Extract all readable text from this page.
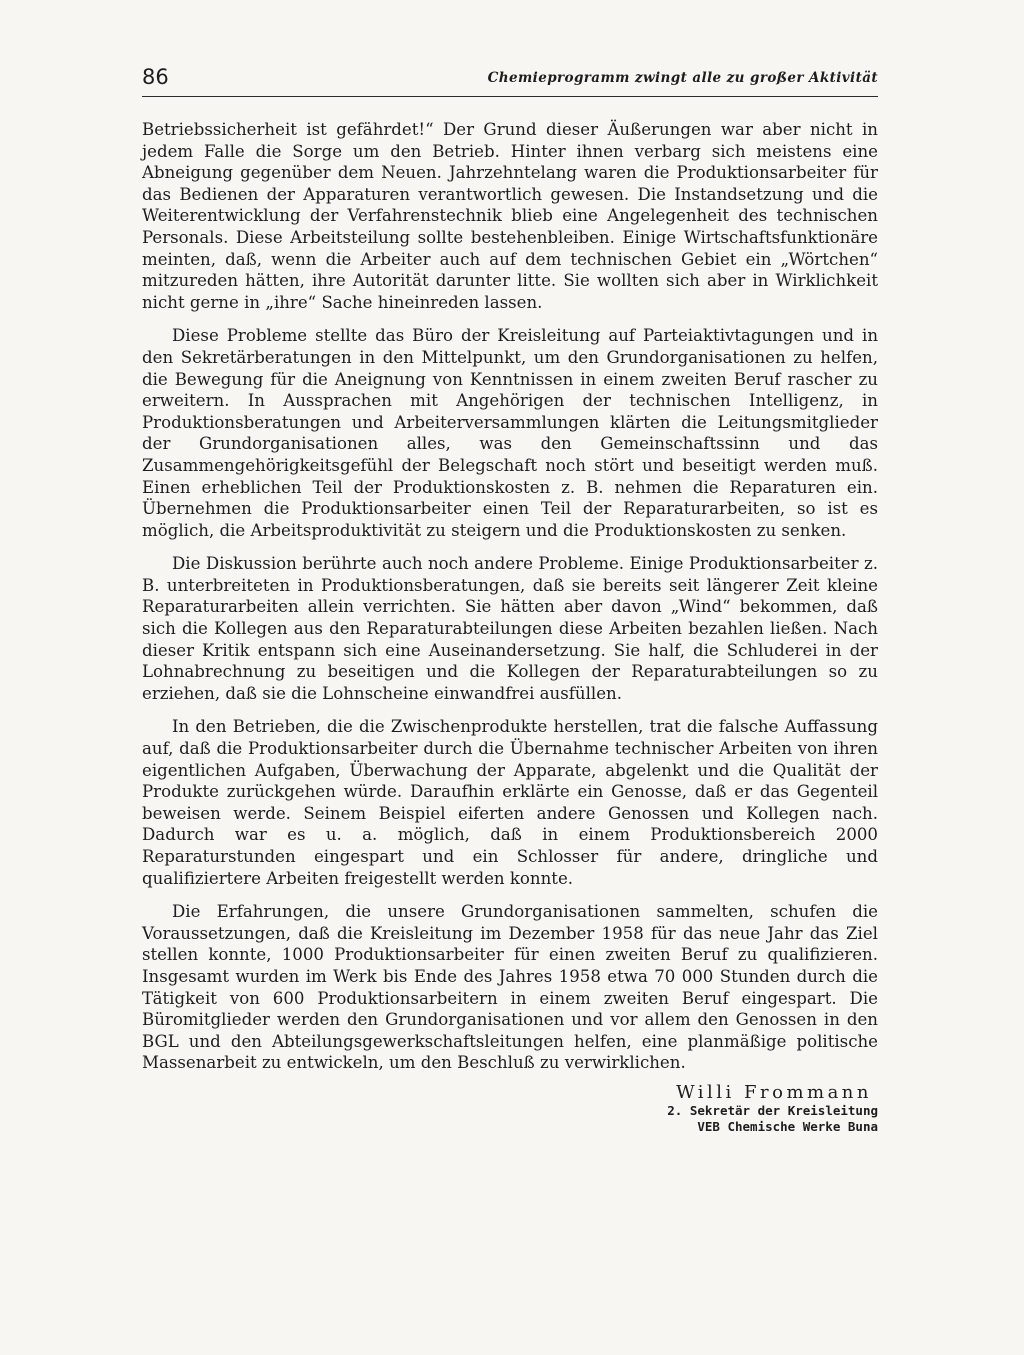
86	Chemieprogramm zwingt alle zu großer Aktivität

Betriebssicherheit ist gefährdet!“ Der Grund dieser Äußerungen war aber nicht in jedem Falle die Sorge um den Betrieb. Hinter ihnen verbarg sich meistens eine Abneigung gegenüber dem Neuen. Jahrzehntelang waren die Produktionsarbeiter für das Bedienen der Apparaturen verantwortlich gewesen. Die Instandsetzung und die Weiterentwicklung der Verfahrenstechnik blieb eine Angelegenheit des technischen Personals. Diese Arbeitsteilung sollte bestehenbleiben. Einige Wirtschaftsfunktionäre meinten, daß, wenn die Arbeiter auch auf dem technischen Gebiet ein „Wörtchen“ mitzureden hätten, ihre Autorität darunter litte. Sie wollten sich aber in Wirklichkeit nicht gerne in „ihre“ Sache hineinreden lassen.

Diese Probleme stellte das Büro der Kreisleitung auf Parteiaktivtagungen und in den Sekretärberatungen in den Mittelpunkt, um den Grundorganisationen zu helfen, die Bewegung für die Aneignung von Kenntnissen in einem zweiten Beruf rascher zu erweitern. In Aussprachen mit Angehörigen der technischen Intelligenz, in Produktionsberatungen und Arbeiterversammlungen klärten die Leitungsmitglieder der Grundorganisationen alles, was den Gemeinschaftssinn und das Zusammengehörigkeitsgefühl der Belegschaft noch stört und beseitigt werden muß. Einen erheblichen Teil der Produktionskosten z. B. nehmen die Reparaturen ein. Übernehmen die Produktionsarbeiter einen Teil der Reparaturarbeiten, so ist es möglich, die Arbeitsproduktivität zu steigern und die Produktionskosten zu senken.

Die Diskussion berührte auch noch andere Probleme. Einige Produktionsarbeiter z. B. unterbreiteten in Produktionsberatungen, daß sie bereits seit längerer Zeit kleine Reparaturarbeiten allein verrichten. Sie hätten aber davon „Wind“ bekommen, daß sich die Kollegen aus den Reparaturabteilungen diese Arbeiten bezahlen ließen. Nach dieser Kritik entspann sich eine Auseinandersetzung. Sie half, die Schluderei in der Lohnabrechnung zu beseitigen und die Kollegen der Reparaturabteilungen so zu erziehen, daß sie die Lohnscheine einwandfrei ausfüllen.

In den Betrieben, die die Zwischenprodukte herstellen, trat die falsche Auffassung auf, daß die Produktionsarbeiter durch die Übernahme technischer Arbeiten von ihren eigentlichen Aufgaben, Überwachung der Apparate, abgelenkt und die Qualität der Produkte zurückgehen würde. Daraufhin erklärte ein Genosse, daß er das Gegenteil beweisen werde. Seinem Beispiel eiferten andere Genossen und Kollegen nach. Dadurch war es u. a. möglich, daß in einem Produktionsbereich 2000 Reparaturstunden eingespart und ein Schlosser für andere, dringliche und qualifiziertere Arbeiten freigestellt werden konnte.

Die Erfahrungen, die unsere Grundorganisationen sammelten, schufen die Voraussetzungen, daß die Kreisleitung im Dezember 1958 für das neue Jahr das Ziel stellen konnte, 1000 Produktionsarbeiter für einen zweiten Beruf zu qualifizieren. Insgesamt wurden im Werk bis Ende des Jahres 1958 etwa 70 000 Stunden durch die Tätigkeit von 600 Produktionsarbeitern in einem zweiten Beruf eingespart. Die Büromitglieder werden den Grundorganisationen und vor allem den Genossen in den BGL und den Abteilungsgewerkschaftsleitungen helfen, eine planmäßige politische Massenarbeit zu entwickeln, um den Beschluß zu verwirklichen.

Willi Frommann
2. Sekretär der Kreisleitung
VEB Chemische Werke Buna
